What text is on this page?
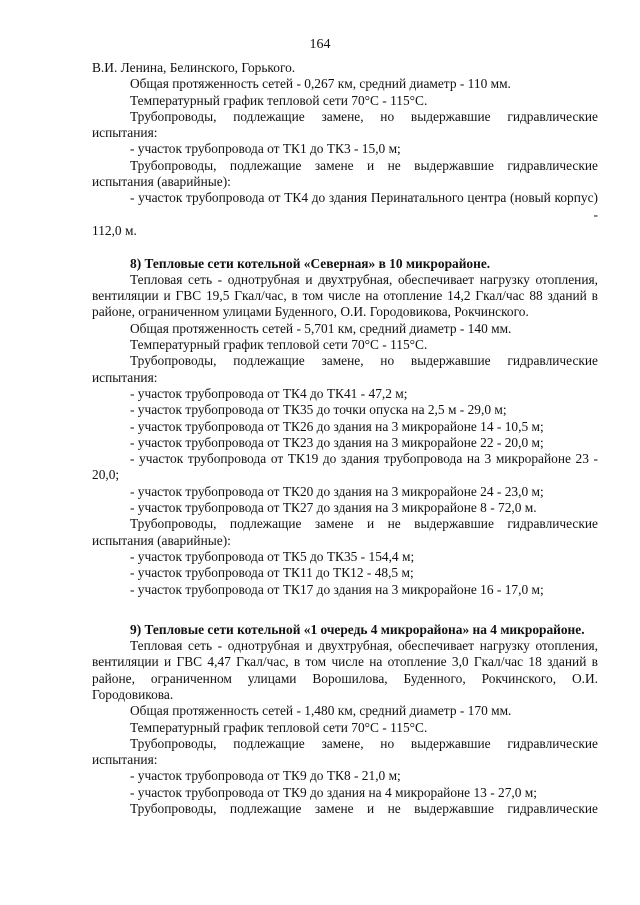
164

В.И. Ленина, Белинского, Горького.

Общая протяженность сетей - 0,267 км, средний диаметр - 110 мм.

Температурный график тепловой сети 70°C - 115°C.

Трубопроводы, подлежащие замене, но выдержавшие гидравлические испытания:

- участок трубопровода от ТК1 до ТК3 - 15,0 м;

Трубопроводы, подлежащие замене и не выдержавшие гидравлические испытания (аварийные):

- участок трубопровода от ТК4 до здания Перинатального центра (новый корпус)

-

112,0 м.

8) Тепловые сети котельной «Северная» в 10 микрорайоне.

Тепловая сеть - однотрубная и двухтрубная, обеспечивает нагрузку отопления, вентиляции и ГВС 19,5 Гкал/час, в том числе на отопление 14,2 Гкал/час 88 зданий в районе, ограниченном улицами Буденного, О.И. Городовикова, Рокчинского.

Общая протяженность сетей - 5,701 км, средний диаметр - 140 мм.

Температурный график тепловой сети 70°C - 115°C.

Трубопроводы, подлежащие замене, но выдержавшие гидравлические испытания:

- участок трубопровода от ТК4 до ТК41 - 47,2 м;

- участок трубопровода от ТК35 до точки опуска на 2,5 м - 29,0 м;

- участок трубопровода от ТК26 до здания на 3 микрорайоне 14 - 10,5 м;

- участок трубопровода от ТК23 до здания на 3 микрорайоне 22 - 20,0 м;

- участок трубопровода от ТК19 до здания трубопровода на 3 микрорайоне 23 - 20,0;

- участок трубопровода от ТК20 до здания на 3 микрорайоне 24 - 23,0 м;

- участок трубопровода от ТК27 до здания на 3 микрорайоне 8 - 72,0 м.

Трубопроводы, подлежащие замене и не выдержавшие гидравлические испытания (аварийные):

- участок трубопровода от ТК5 до ТК35 - 154,4 м;

- участок трубопровода от ТК11 до ТК12 - 48,5 м;

- участок трубопровода от ТК17 до здания на 3 микрорайоне 16 - 17,0 м;

9) Тепловые сети котельной «1 очередь 4 микрорайона» на 4 микрорайоне.

Тепловая сеть - однотрубная и двухтрубная, обеспечивает нагрузку отопления, вентиляции и ГВС 4,47 Гкал/час, в том числе на отопление 3,0 Гкал/час 18 зданий в районе, ограниченном улицами Ворошилова, Буденного, Рокчинского, О.И. Городовикова.

Общая протяженность сетей - 1,480 км, средний диаметр - 170 мм.

Температурный график тепловой сети 70°C - 115°C.

Трубопроводы, подлежащие замене, но выдержавшие гидравлические испытания:

- участок трубопровода от ТК9 до ТК8 - 21,0 м;

- участок трубопровода от ТК9 до здания на 4 микрорайоне 13 - 27,0 м;

Трубопроводы, подлежащие замене и не выдержавшие гидравлические
